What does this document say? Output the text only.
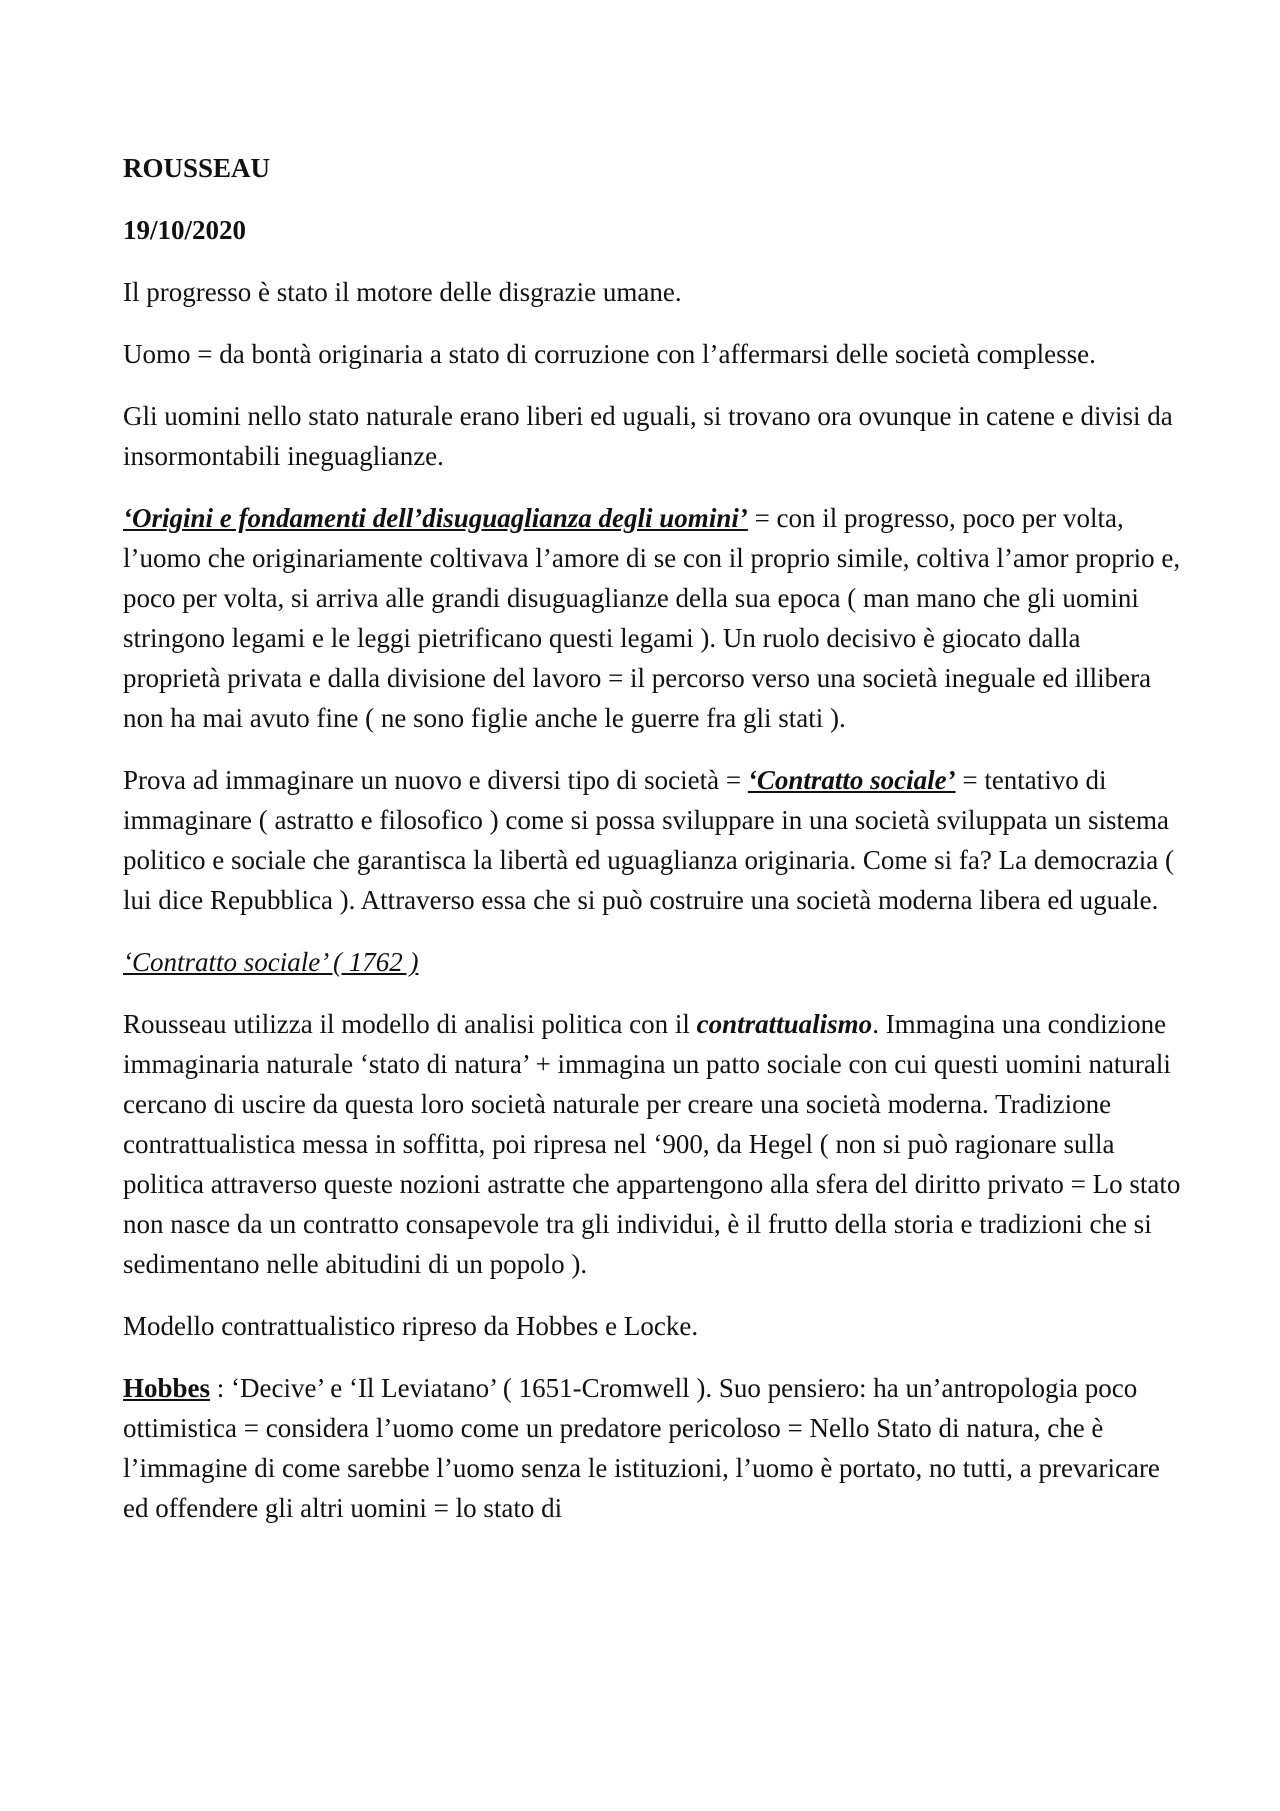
ROUSSEAU

19/10/2020

Il progresso è stato il motore delle disgrazie umane.

Uomo = da bontà originaria a stato di corruzione con l’affermarsi delle società complesse.

Gli uomini nello stato naturale erano liberi ed uguali, si trovano ora ovunque in catene e divisi da insormontabili ineguaglianze.

‘Origini e fondamenti dell’disuguaglianza degli uomini’ = con il progresso, poco per volta, l’uomo che originariamente coltivava l’amore di se con il proprio simile, coltiva l’amor proprio e, poco per volta, si arriva alle grandi disuguaglianze della sua epoca ( man mano che gli uomini stringono legami e le leggi pietrificano questi legami ). Un ruolo decisivo è giocato dalla proprietà privata e dalla divisione del lavoro = il percorso verso una società ineguale ed illibera non ha mai avuto fine ( ne sono figlie anche le guerre fra gli stati ).

Prova ad immaginare un nuovo e diversi tipo di società = ‘Contratto sociale’ = tentativo di immaginare ( astratto e filosofico ) come si possa sviluppare in una società sviluppata un sistema politico e sociale che garantisca la libertà ed uguaglianza originaria. Come si fa? La democrazia ( lui dice Repubblica ). Attraverso essa che si può costruire una società moderna libera ed uguale.

‘Contratto sociale’ ( 1762 )

Rousseau utilizza il modello di analisi politica con il contrattualismo. Immagina una condizione immaginaria naturale ‘stato di natura’ + immagina un patto sociale con cui questi uomini naturali cercano di uscire da questa loro società naturale per creare una società moderna. Tradizione contrattualistica messa in soffitta, poi ripresa nel ‘900, da Hegel ( non si può ragionare sulla politica attraverso queste nozioni astratte che appartengono alla sfera del diritto privato = Lo stato non nasce da un contratto consapevole tra gli individui, è il frutto della storia e tradizioni che si sedimentano nelle abitudini di un popolo ).

Modello contrattualistico ripreso da Hobbes e Locke.

Hobbes : ‘Decive’ e ‘Il Leviatano’ ( 1651-Cromwell ). Suo pensiero: ha un’antropologia poco ottimistica = considera l’uomo come un predatore pericoloso = Nello Stato di natura, che è l’immagine di come sarebbe l’uomo senza le istituzioni, l’uomo è portato, no tutti, a prevaricare ed offendere gli altri uomini = lo stato di
